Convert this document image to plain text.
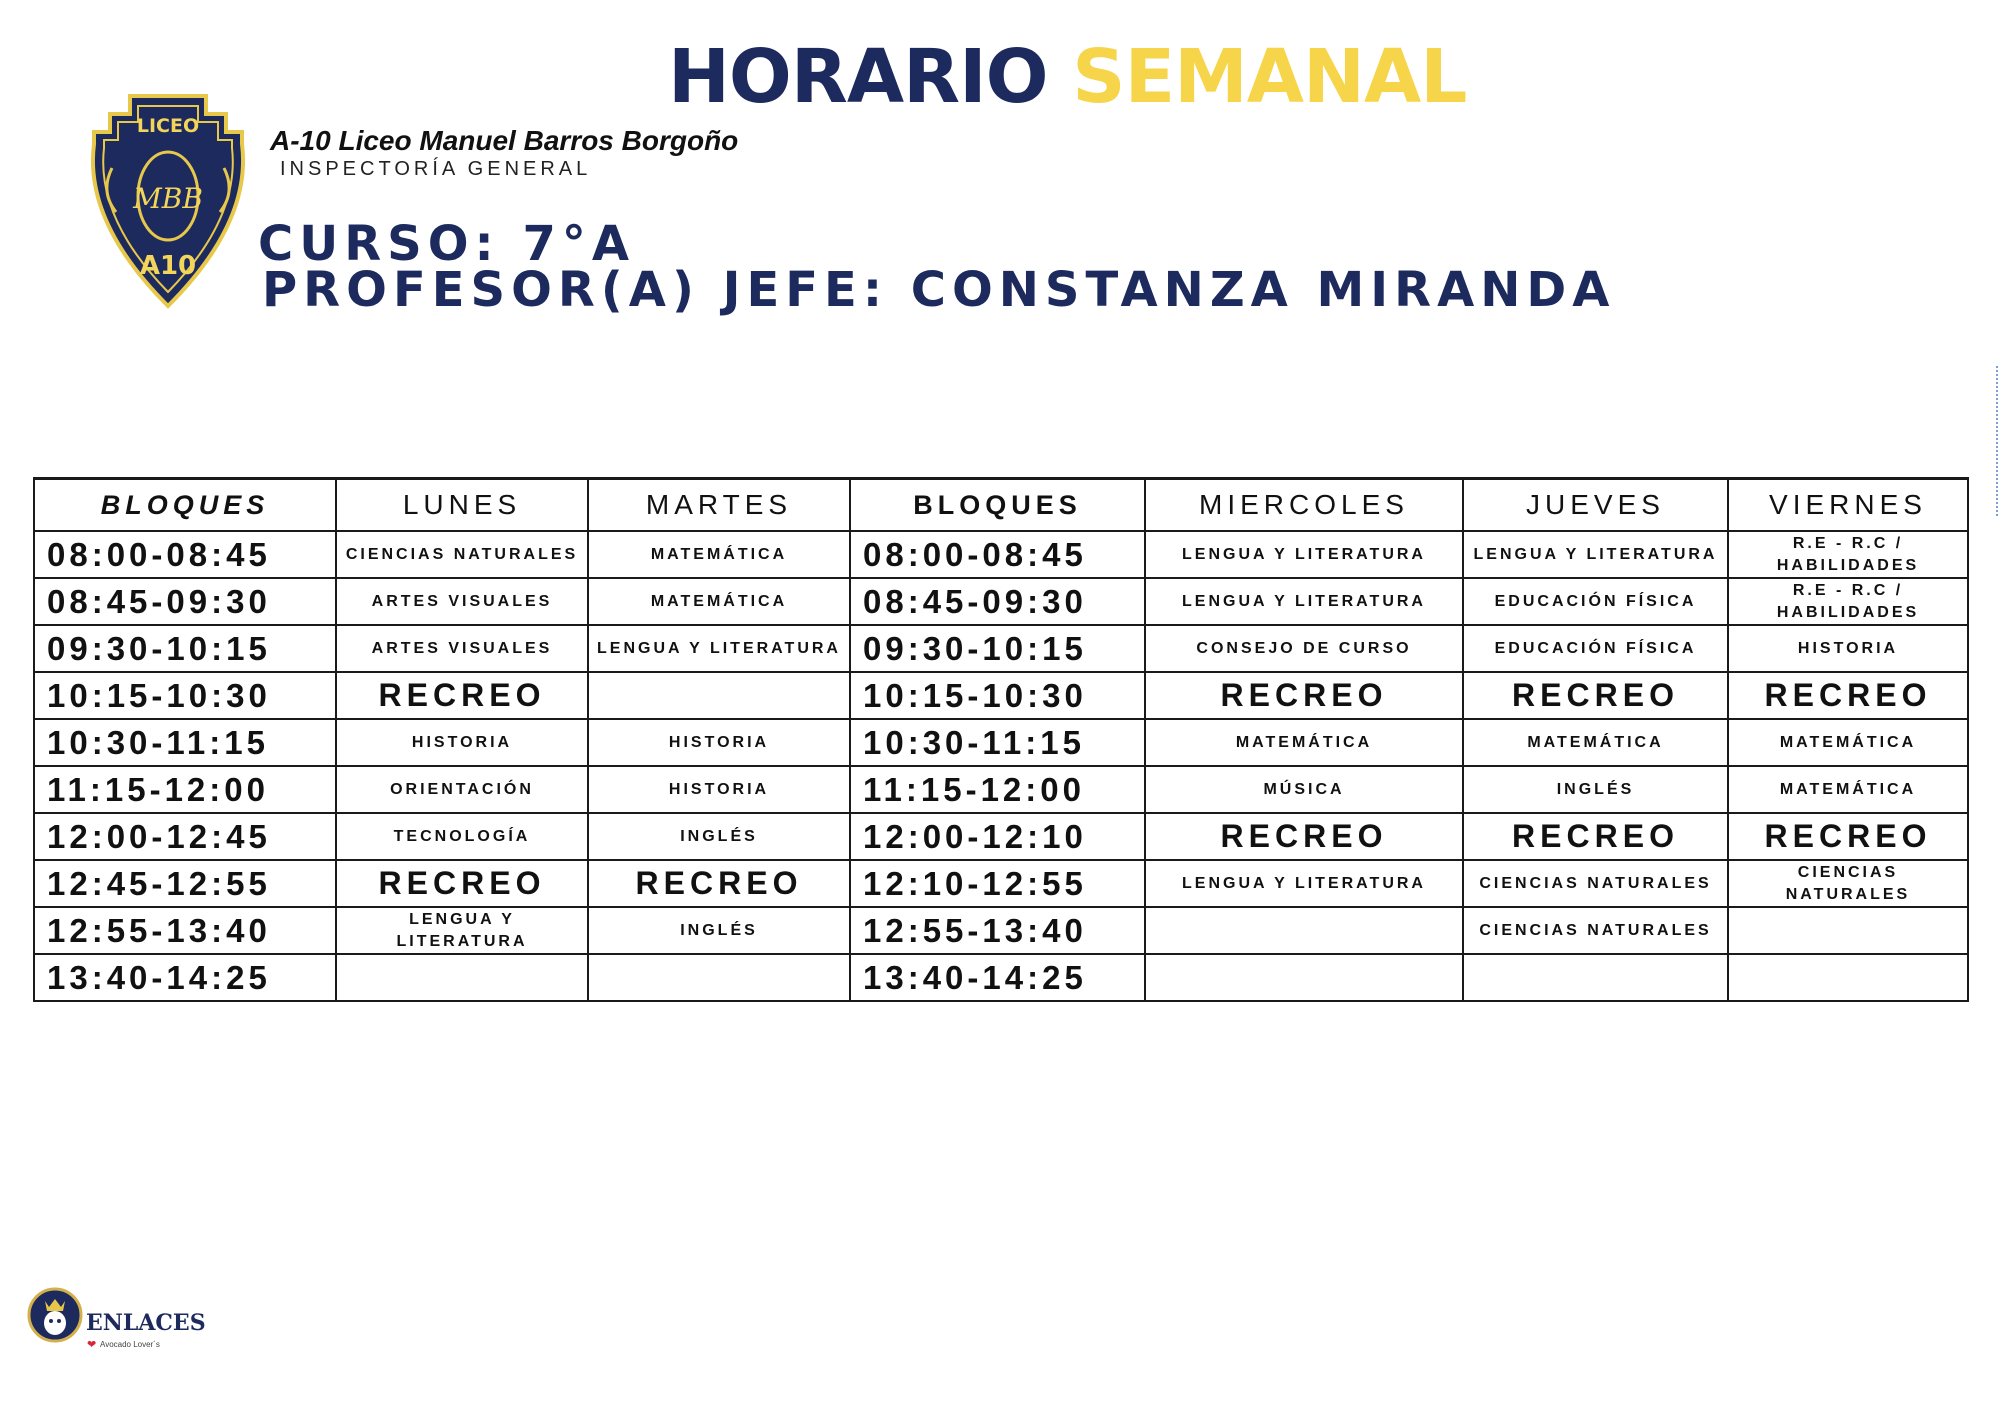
HORARIO SEMANAL
LICEO
MBB
A10
A-10 Liceo Manuel Barros Borgoño
INSPECTORÍA GENERAL
CURSO: 7°A
PROFESOR(A) JEFE: CONSTANZA MIRANDA
BLOQUES	LUNES	MARTES	BLOQUES	MIERCOLES	JUEVES	VIERNES
08:00-08:45	CIENCIAS NATURALES	MATEMÁTICA	08:00-08:45	LENGUA Y LITERATURA	LENGUA Y LITERATURA	R.E - R.C / HABILIDADES
08:45-09:30	ARTES VISUALES	MATEMÁTICA	08:45-09:30	LENGUA Y LITERATURA	EDUCACIÓN FÍSICA	R.E - R.C / HABILIDADES
09:30-10:15	ARTES VISUALES	LENGUA Y LITERATURA	09:30-10:15	CONSEJO DE CURSO	EDUCACIÓN FÍSICA	HISTORIA
10:15-10:30	RECREO		10:15-10:30	RECREO	RECREO	RECREO
10:30-11:15	HISTORIA	HISTORIA	10:30-11:15	MATEMÁTICA	MATEMÁTICA	MATEMÁTICA
11:15-12:00	ORIENTACIÓN	HISTORIA	11:15-12:00	MÚSICA	INGLÉS	MATEMÁTICA
12:00-12:45	TECNOLOGÍA	INGLÉS	12:00-12:10	RECREO	RECREO	RECREO
12:45-12:55	RECREO	RECREO	12:10-12:55	LENGUA Y LITERATURA	CIENCIAS NATURALES	CIENCIAS NATURALES
12:55-13:40	LENGUA Y LITERATURA	INGLÉS	12:55-13:40		CIENCIAS NATURALES	
13:40-14:25			13:40-14:25			
ENLACES
❤ Avocado Lover´s
